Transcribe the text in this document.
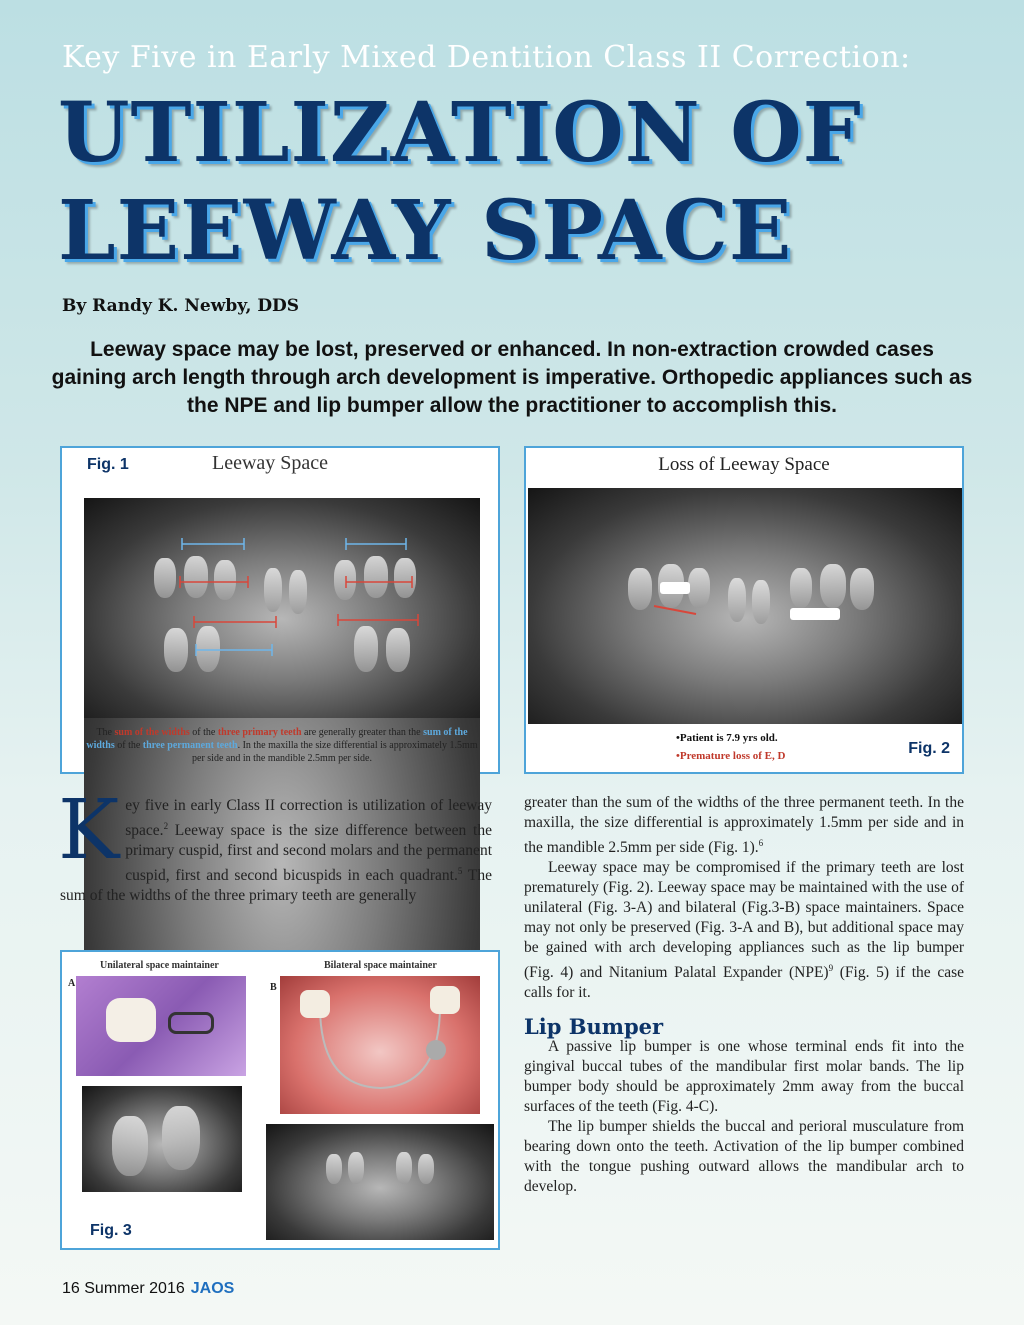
Key Five in Early Mixed Dentition Class II Correction:
UTILIZATION OF
LEEWAY SPACE
By Randy K. Newby, DDS
Leeway space may be lost, preserved or enhanced. In non-extraction crowded cases gaining arch length through arch development is imperative. Orthopedic appliances such as the NPE and lip bumper allow the practitioner to accomplish this.
Fig. 1	Leeway Space
The sum of the widths of the three primary teeth are generally greater than the sum of the widths of the three permanent teeth. In the maxilla the size differential is approximately 1.5mm per side and in the mandible 2.5mm per side.
Loss of Leeway Space
•Patient is 7.9 yrs old.
•Premature loss of E, D	Fig. 2

Key five in early Class II correction is utilization of leeway space.$^2$ Leeway space is the size difference between the primary cuspid, first and second molars and the permanent cuspid, first and second bicuspids in each quadrant.$^5$ The sum of the widths of the three primary teeth are generally

Unilateral space maintainer	Bilateral space maintainer
A	B
Fig. 3

greater than the sum of the widths of the three permanent teeth. In the maxilla, the size differential is approximately 1.5mm per side and in the mandible 2.5mm per side (Fig. 1).$^6$

Leeway space may be compromised if the primary teeth are lost prematurely (Fig. 2). Leeway space may be maintained with the use of unilateral (Fig. 3-A) and bilateral (Fig.3-B) space maintainers. Space may not only be preserved (Fig. 3-A and B), but additional space may be gained with arch developing appliances such as the lip bumper (Fig. 4) and Nitanium Palatal Expander (NPE)$^9$ (Fig. 5) if the case calls for it.

Lip Bumper

A passive lip bumper is one whose terminal ends fit into the gingival buccal tubes of the mandibular first molar bands. The lip bumper body should be approximately 2mm away from the buccal surfaces of the teeth (Fig. 4-C).

The lip bumper shields the buccal and perioral musculature from bearing down onto the teeth. Activation of the lip bumper combined with the tongue pushing outward allows the mandibular arch to develop.

16 Summer 2016 JAOS
